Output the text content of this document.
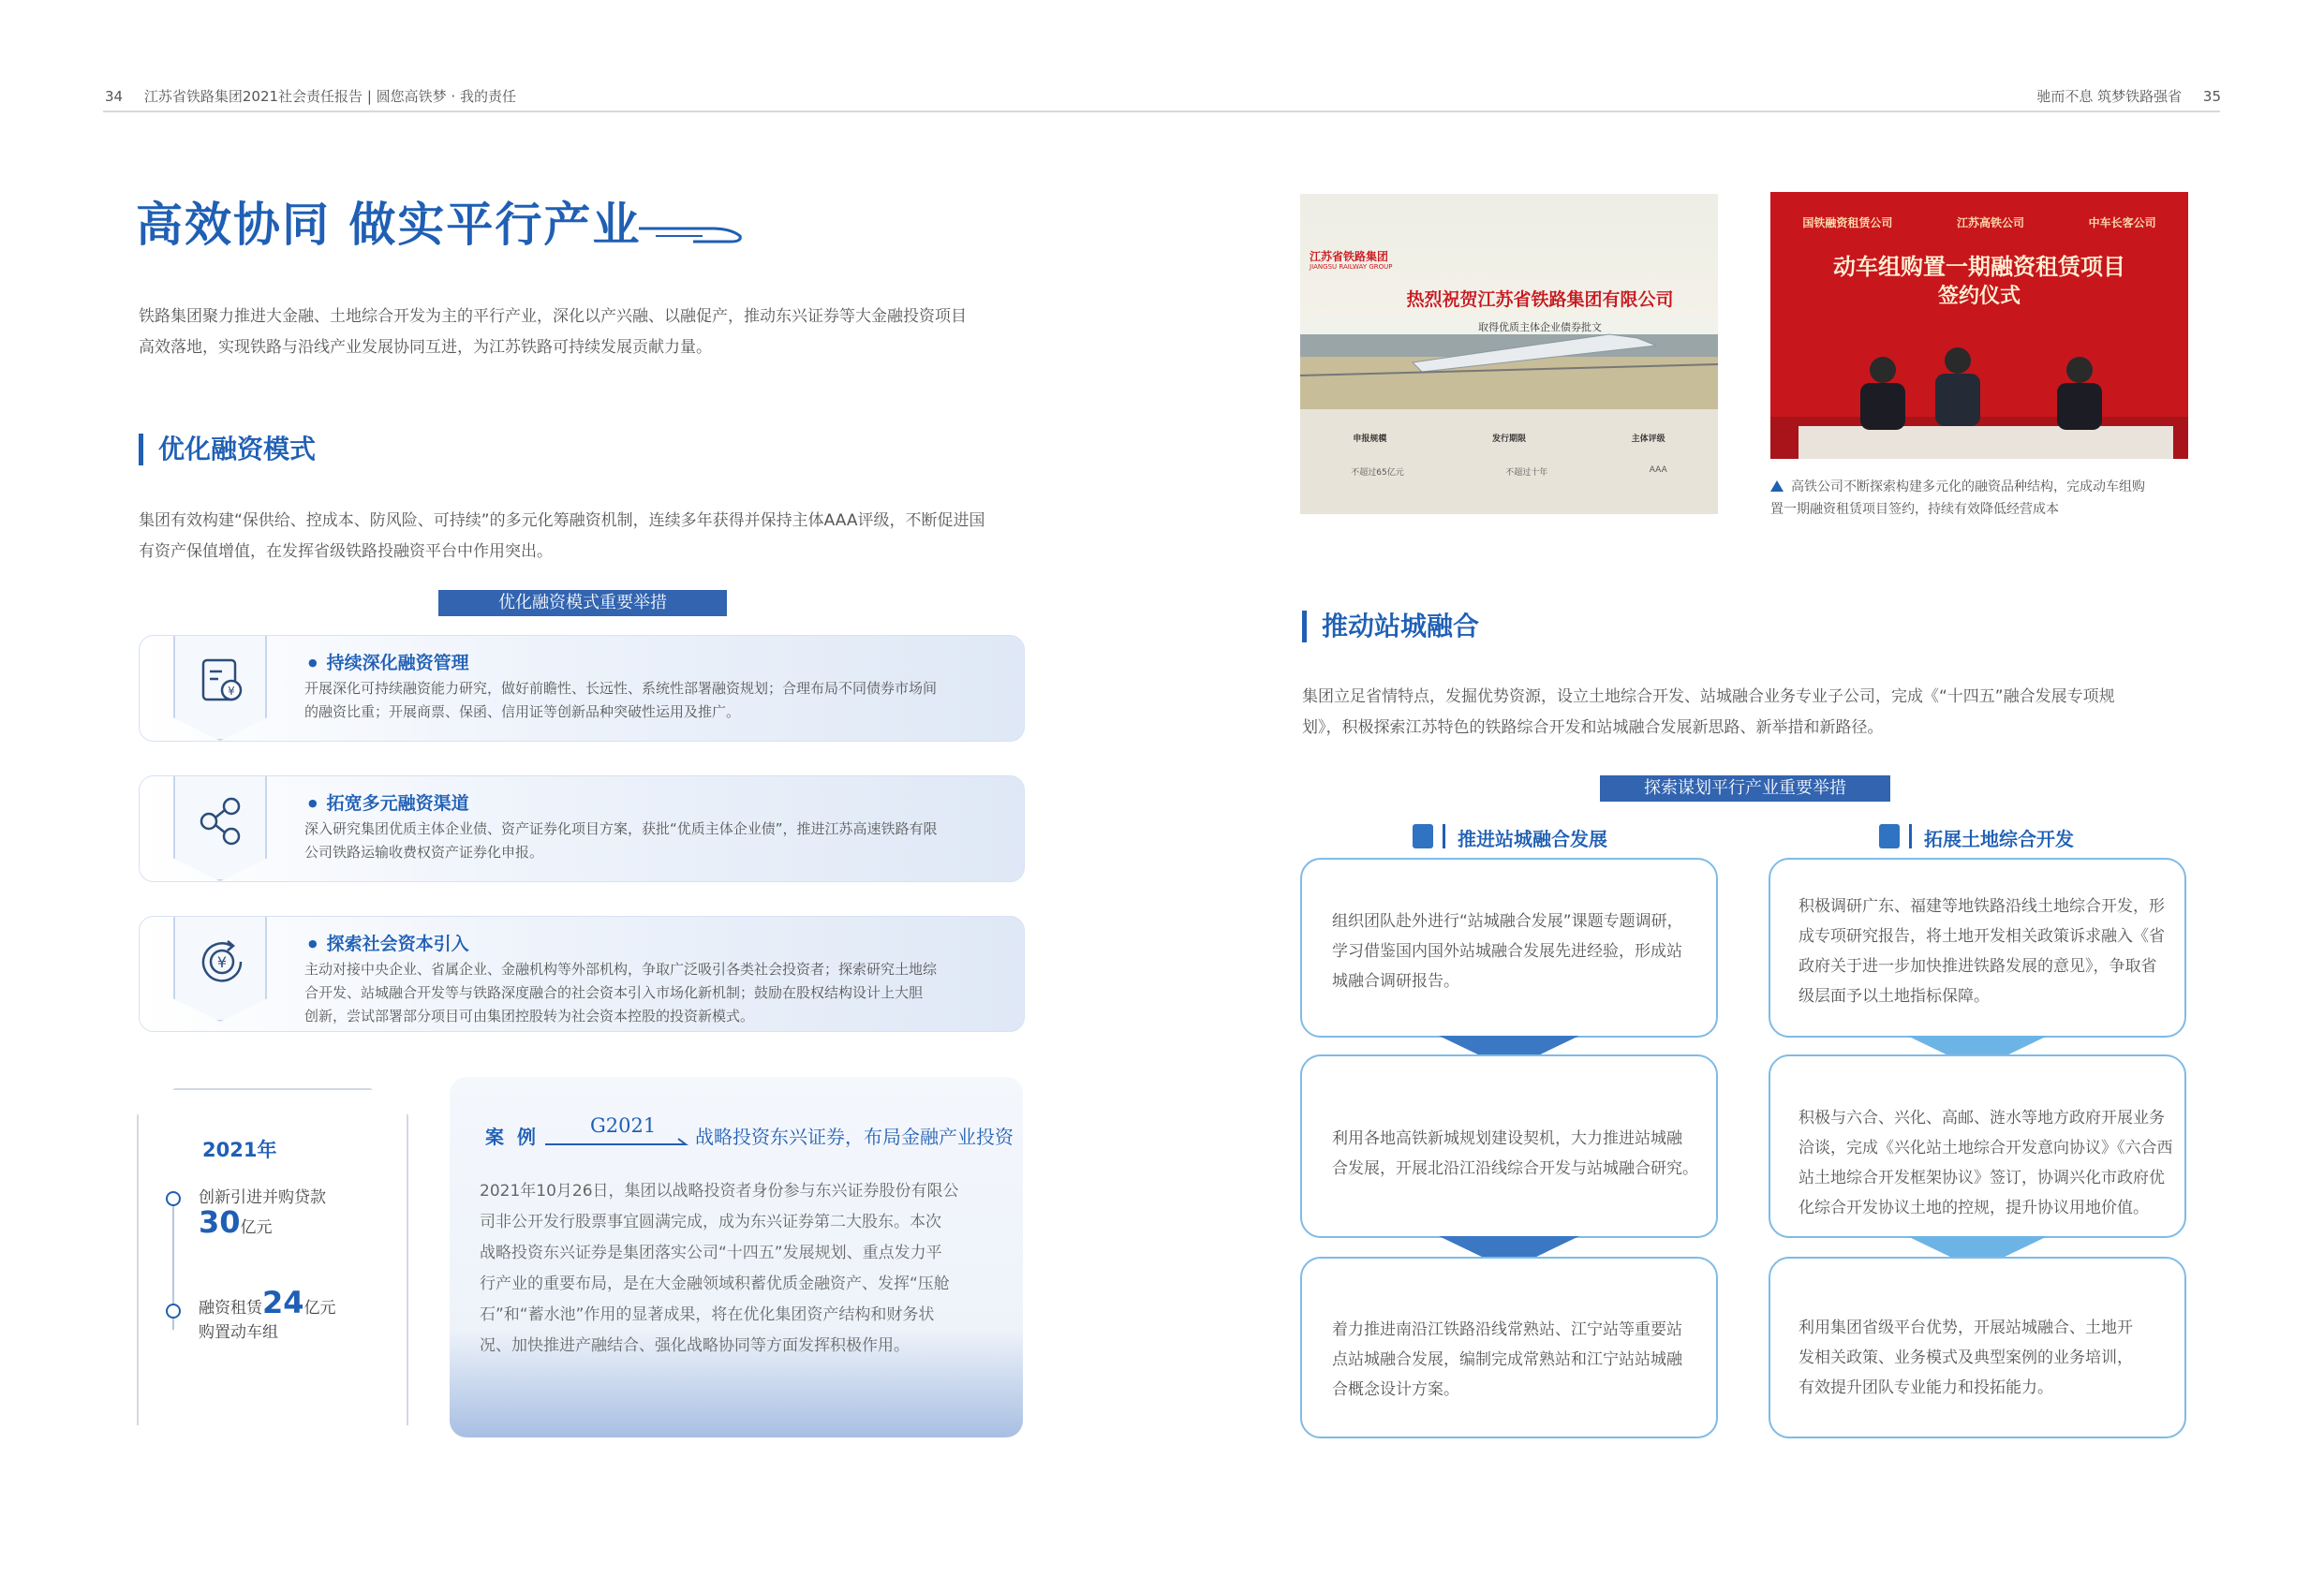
34 江苏省铁路集团2021社会责任报告 | 圆您高铁梦 · 我的责任	驰而不息 筑梦铁路强省 35
高效协同 做实平行产业
铁路集团聚力推进大金融、土地综合开发为主的平行产业，深化以产兴融、以融促产，推动东兴证券等大金融投资项目
高效落地，实现铁路与沿线产业发展协同互进，为江苏铁路可持续发展贡献力量。
优化融资模式
集团有效构建“保供给、控成本、防风险、可持续”的多元化筹融资机制，连续多年获得并保持主体AAA评级，不断促进国
有资产保值增值，在发挥省级铁路投融资平台中作用突出。
优化融资模式重要举措
¥
● 持续深化融资管理
开展深化可持续融资能力研究，做好前瞻性、长远性、系统性部署融资规划；合理布局不同债券市场间
的融资比重；开展商票、保函、信用证等创新品种突破性运用及推广。
● 拓宽多元融资渠道
深入研究集团优质主体企业债、资产证券化项目方案，获批“优质主体企业债”，推进江苏高速铁路有限
公司铁路运输收费权资产证券化申报。
¥
● 探索社会资本引入
主动对接中央企业、省属企业、金融机构等外部机构，争取广泛吸引各类社会投资者；探索研究土地综
合开发、站城融合开发等与铁路深度融合的社会资本引入市场化新机制；鼓励在股权结构设计上大胆
创新，尝试部署部分项目可由集团控股转为社会资本控股的投资新模式。
2021年
创新引进并购贷款
30亿元
融资租赁24亿元
购置动车组
案例 G2021 战略投资东兴证券，布局金融产业投资
2021年10月26日，集团以战略投资者身份参与东兴证券股份有限公
司非公开发行股票事宜圆满完成，成为东兴证券第二大股东。本次
战略投资东兴证券是集团落实公司“十四五”发展规划、重点发力平
行产业的重要布局，是在大金融领域积蓄优质金融资产、发挥“压舱
石”和“蓄水池”作用的显著成果，将在优化集团资产结构和财务状
况、加快推进产融结合、强化战略协同等方面发挥积极作用。
江苏省铁路集团
JIANGSU RAILWAY GROUP
热烈祝贺江苏省铁路集团有限公司
取得优质主体企业债券批文
申报规模	发行期限	主体评级
不超过65亿元	不超过十年	AAA
国铁融资租赁公司	江苏高铁公司	中车长客公司
动车组购置一期融资租赁项目
签约仪式
高铁公司不断探索构建多元化的融资品种结构，完成动车组购
置一期融资租赁项目签约，持续有效降低经营成本
推动站城融合
集团立足省情特点，发掘优势资源，设立土地综合开发、站城融合业务专业子公司，完成《“十四五”融合发展专项规
划》，积极探索江苏特色的铁路综合开发和站城融合发展新思路、新举措和新路径。
探索谋划平行产业重要举措
推进站城融合发展	拓展土地综合开发
组织团队赴外进行“站城融合发展”课题专题调研，
学习借鉴国内国外站城融合发展先进经验，形成站
城融合调研报告。
利用各地高铁新城规划建设契机，大力推进站城融
合发展，开展北沿江沿线综合开发与站城融合研究。
着力推进南沿江铁路沿线常熟站、江宁站等重要站
点站城融合发展，编制完成常熟站和江宁站站城融
合概念设计方案。
积极调研广东、福建等地铁路沿线土地综合开发，形
成专项研究报告，将土地开发相关政策诉求融入《省
政府关于进一步加快推进铁路发展的意见》，争取省
级层面予以土地指标保障。
积极与六合、兴化、高邮、涟水等地方政府开展业务
洽谈，完成《兴化站土地综合开发意向协议》《六合西
站土地综合开发框架协议》签订，协调兴化市政府优
化综合开发协议土地的控规，提升协议用地价值。
利用集团省级平台优势，开展站城融合、土地开
发相关政策、业务模式及典型案例的业务培训，
有效提升团队专业能力和投拓能力。
